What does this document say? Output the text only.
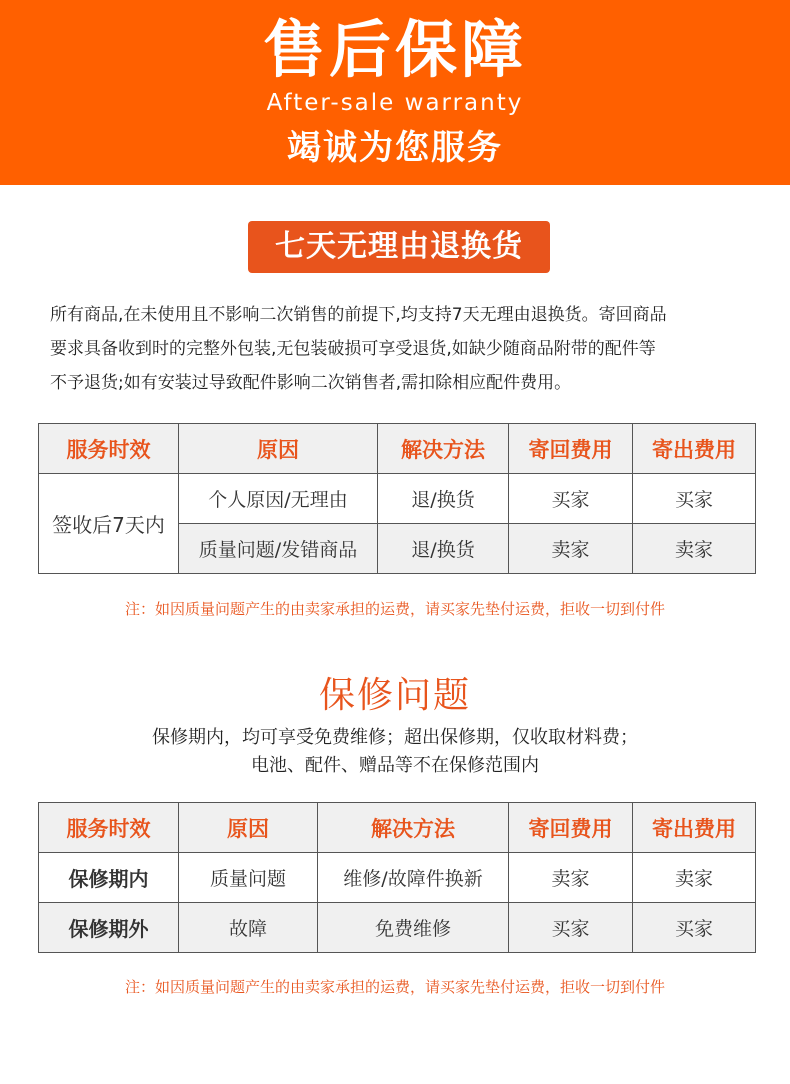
售后保障
After-sale warranty
竭诚为您服务
七天无理由退换货
所有商品,在未使用且不影响二次销售的前提下,均支持7天无理由退换货。寄回商品
要求具备收到时的完整外包装,无包装破损可享受退货,如缺少随商品附带的配件等
不予退货;如有安装过导致配件影响二次销售者,需扣除相应配件费用。
服务时效	原因	解决方法	寄回费用	寄出费用
签收后7天内	个人原因/无理由	退/换货	买家	买家
	质量问题/发错商品	退/换货	卖家	卖家
注：如因质量问题产生的由卖家承担的运费，请买家先垫付运费，拒收一切到付件
保修问题
保修期内，均可享受免费维修；超出保修期，仅收取材料费；
电池、配件、赠品等不在保修范围内
服务时效	原因	解决方法	寄回费用	寄出费用
保修期内	质量问题	维修/故障件换新	卖家	卖家
保修期外	故障	免费维修	买家	买家
注：如因质量问题产生的由卖家承担的运费，请买家先垫付运费，拒收一切到付件
